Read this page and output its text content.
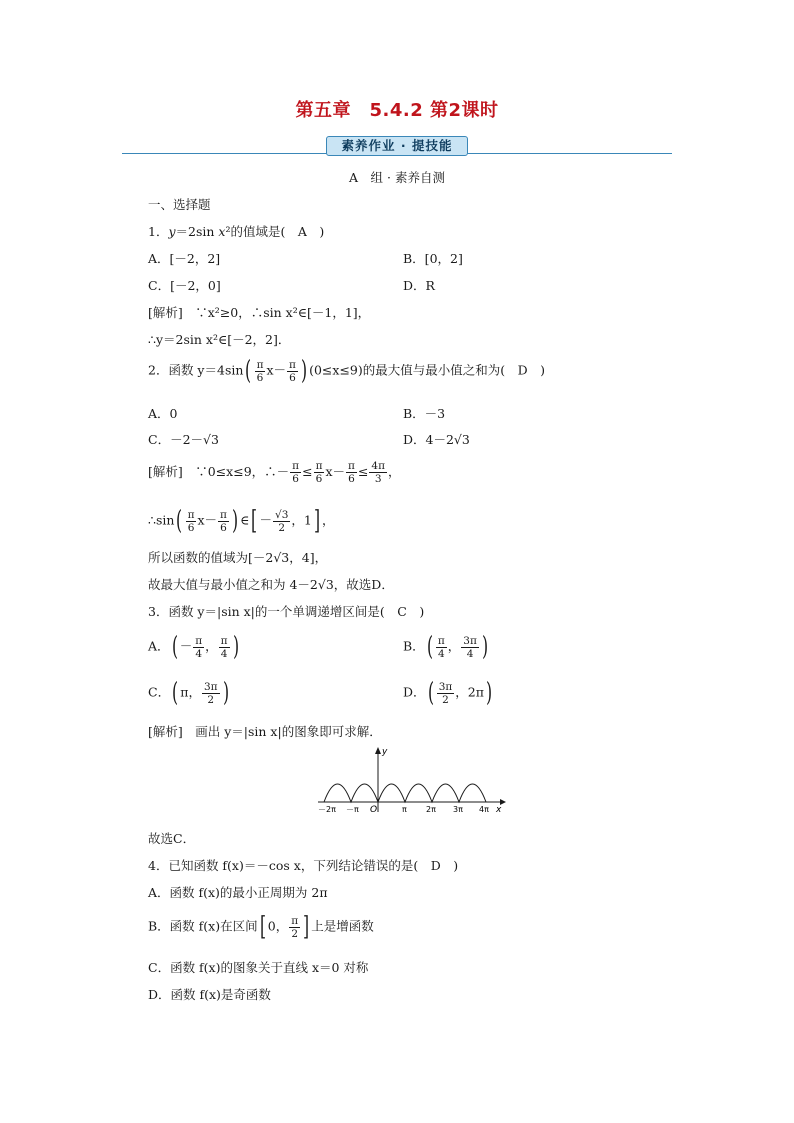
第五章　5.4.2 第2课时
素养作业 · 提技能
A　组 · 素养自测
一、选择题
1．y＝2sin x²的值域是(　A　)
A．[－2，2]	B．[0，2]
C．[－2，0]	D．R
[解析]　∵x²≥0，∴sin x²∈[－1，1]，
∴y＝2sin x²∈[－2，2]．
2．函数 $y=4\sin( \frac{\pi}{6} x- \frac{\pi}{6}$ ) (0≤x≤9)的最大值与最小值之和为(　D　)
A．0	B．－3
C．－2－√3	D．4－2√3
[解析]　∵0≤x≤9，∴－ $\frac{\pi}{6} \le \frac{\pi}{6} x- \frac{\pi}{6} \le \frac{4\pi}{3}$ ，
∴sin( $\frac{\pi}{6} x- \frac{\pi}{6}$ ) ∈[ － $\frac{√3}{2}$ ，1] ，
所以函数的值域为[－2√3，4]，
故最大值与最小值之和为 4－2√3，故选D．
3．函数 y＝|sin x|的一个单调递增区间是(　C　)
A．( － $\frac{\pi}{4}$ ， $\frac{\pi}{4}$ )	B．( $\frac{\pi}{4}$ ， $\frac{3\pi}{4}$ )
C．( π， $\frac{3\pi}{2}$ )	D．( $\frac{3\pi}{2}$ ，2π)
[解析]　画出 y＝|sin x|的图象即可求解．
y
x
O
－2π －π	π 2π 3π 4π
故选C．
4．已知函数 f(x)＝－cos x，下列结论错误的是(　D　)
A．函数 f(x)的最小正周期为 2π
B．函数 f(x)在区间[ 0， $\frac{\pi}{2}$ ] 上是增函数
C．函数 f(x)的图象关于直线 x＝0 对称
D．函数 f(x)是奇函数
